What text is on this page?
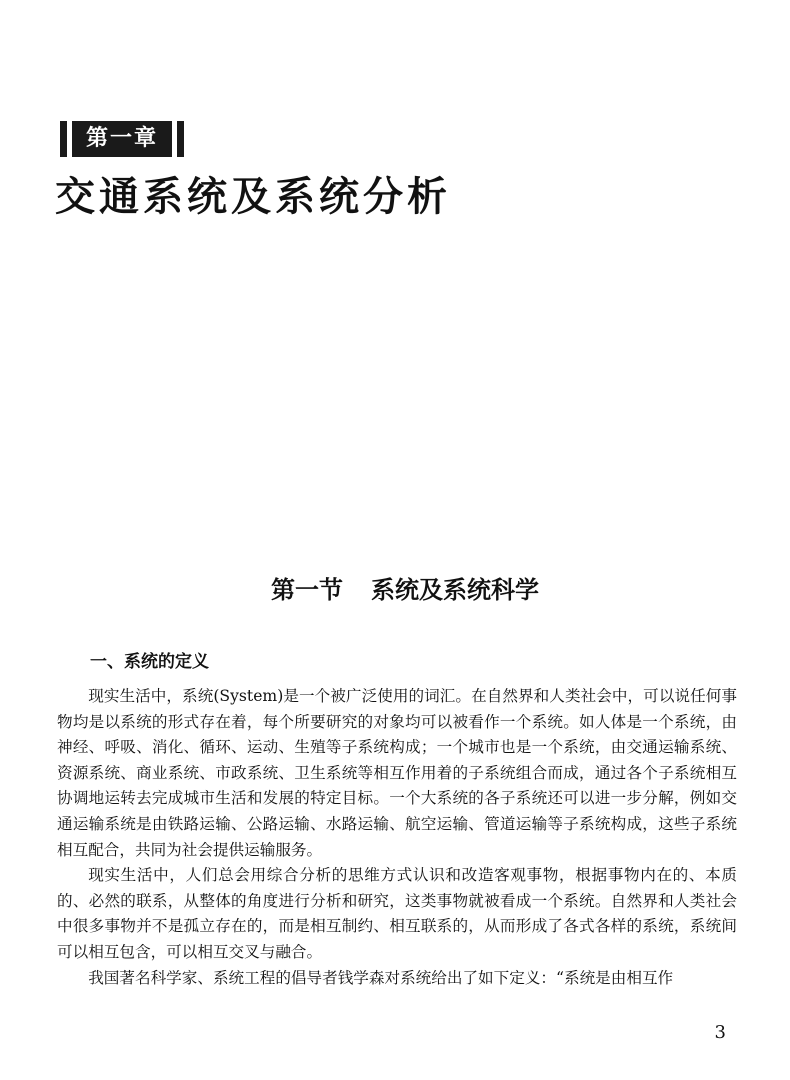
第一章
交通系统及系统分析
第一节 系统及系统科学
一、系统的定义

现实生活中，系统(System)是一个被广泛使用的词汇。在自然界和人类社会中，可以说任何事物均是以系统的形式存在着，每个所要研究的对象均可以被看作一个系统。如人体是一个系统，由神经、呼吸、消化、循环、运动、生殖等子系统构成；一个城市也是一个系统，由交通运输系统、资源系统、商业系统、市政系统、卫生系统等相互作用着的子系统组合而成，通过各个子系统相互协调地运转去完成城市生活和发展的特定目标。一个大系统的各子系统还可以进一步分解，例如交通运输系统是由铁路运输、公路运输、水路运输、航空运输、管道运输等子系统构成，这些子系统相互配合，共同为社会提供运输服务。

现实生活中，人们总会用综合分析的思维方式认识和改造客观事物，根据事物内在的、本质的、必然的联系，从整体的角度进行分析和研究，这类事物就被看成一个系统。自然界和人类社会中很多事物并不是孤立存在的，而是相互制约、相互联系的，从而形成了各式各样的系统，系统间可以相互包含，可以相互交叉与融合。

我国著名科学家、系统工程的倡导者钱学森对系统给出了如下定义：“系统是由相互作

3
